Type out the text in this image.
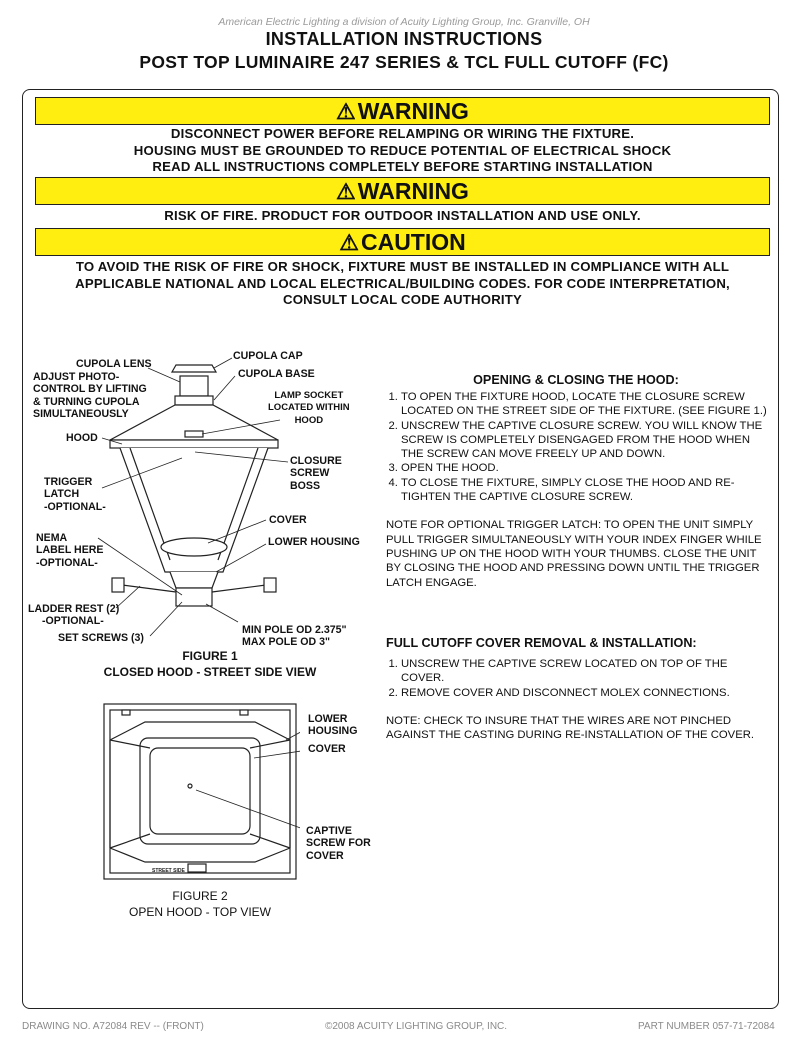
American Electric Lighting a division of Acuity Lighting Group, Inc. Granville, OH
INSTALLATION INSTRUCTIONS
POST TOP LUMINAIRE 247 SERIES & TCL FULL CUTOFF (FC)
⚠WARNING
DISCONNECT POWER BEFORE RELAMPING OR WIRING THE FIXTURE.
HOUSING MUST BE GROUNDED TO REDUCE POTENTIAL OF ELECTRICAL SHOCK
READ ALL INSTRUCTIONS COMPLETELY BEFORE STARTING INSTALLATION
⚠WARNING
RISK OF FIRE. PRODUCT FOR OUTDOOR INSTALLATION AND USE ONLY.
⚠CAUTION
TO AVOID THE RISK OF FIRE OR SHOCK, FIXTURE MUST BE INSTALLED IN COMPLIANCE WITH ALL
APPLICABLE NATIONAL AND LOCAL ELECTRICAL/BUILDING CODES. FOR CODE INTERPRETATION,
CONSULT LOCAL CODE AUTHORITY
CUPOLA LENS
ADJUST PHOTO-
CONTROL BY LIFTING
& TURNING CUPOLA
SIMULTANEOUSLY
CUPOLA CAP
CUPOLA BASE
LAMP SOCKET
LOCATED WITHIN
HOOD
HOOD
CLOSURE
SCREW
BOSS
TRIGGER
LATCH
-OPTIONAL-
COVER
NEMA
LABEL HERE
-OPTIONAL-
LOWER HOUSING
LADDER REST (2)
-OPTIONAL-
SET SCREWS (3)
MIN POLE OD 2.375"
MAX POLE OD 3"
FIGURE 1
CLOSED HOOD - STREET SIDE VIEW
STREET SIDE
LOWER
HOUSING
COVER
CAPTIVE
SCREW FOR
COVER
FIGURE 2
OPEN HOOD - TOP VIEW
OPENING & CLOSING THE HOOD:
1. TO OPEN THE FIXTURE HOOD, LOCATE THE CLOSURE SCREW LOCATED ON THE STREET SIDE OF THE FIXTURE. (SEE FIGURE 1.)
2. UNSCREW THE CAPTIVE CLOSURE SCREW. YOU WILL KNOW THE SCREW IS COMPLETELY DISENGAGED FROM THE HOOD WHEN THE SCREW CAN MOVE FREELY UP AND DOWN.
3. OPEN THE HOOD.
4. TO CLOSE THE FIXTURE, SIMPLY CLOSE THE HOOD AND RE-TIGHTEN THE CAPTIVE CLOSURE SCREW.

NOTE FOR OPTIONAL TRIGGER LATCH: TO OPEN THE UNIT SIMPLY PULL TRIGGER SIMULTANEOUSLY WITH YOUR INDEX FINGER WHILE PUSHING UP ON THE HOOD WITH YOUR THUMBS. CLOSE THE UNIT BY CLOSING THE HOOD AND PRESSING DOWN UNTIL THE TRIGGER LATCH ENGAGE.

FULL CUTOFF COVER REMOVAL & INSTALLATION:
1. UNSCREW THE CAPTIVE SCREW LOCATED ON TOP OF THE COVER.
2. REMOVE COVER AND DISCONNECT MOLEX CONNECTIONS.

NOTE: CHECK TO INSURE THAT THE WIRES ARE NOT PINCHED AGAINST THE CASTING DURING RE-INSTALLATION OF THE COVER.

DRAWING NO. A72084 REV -- (FRONT)	©2008 ACUITY LIGHTING GROUP, INC.	PART NUMBER 057-71-72084
